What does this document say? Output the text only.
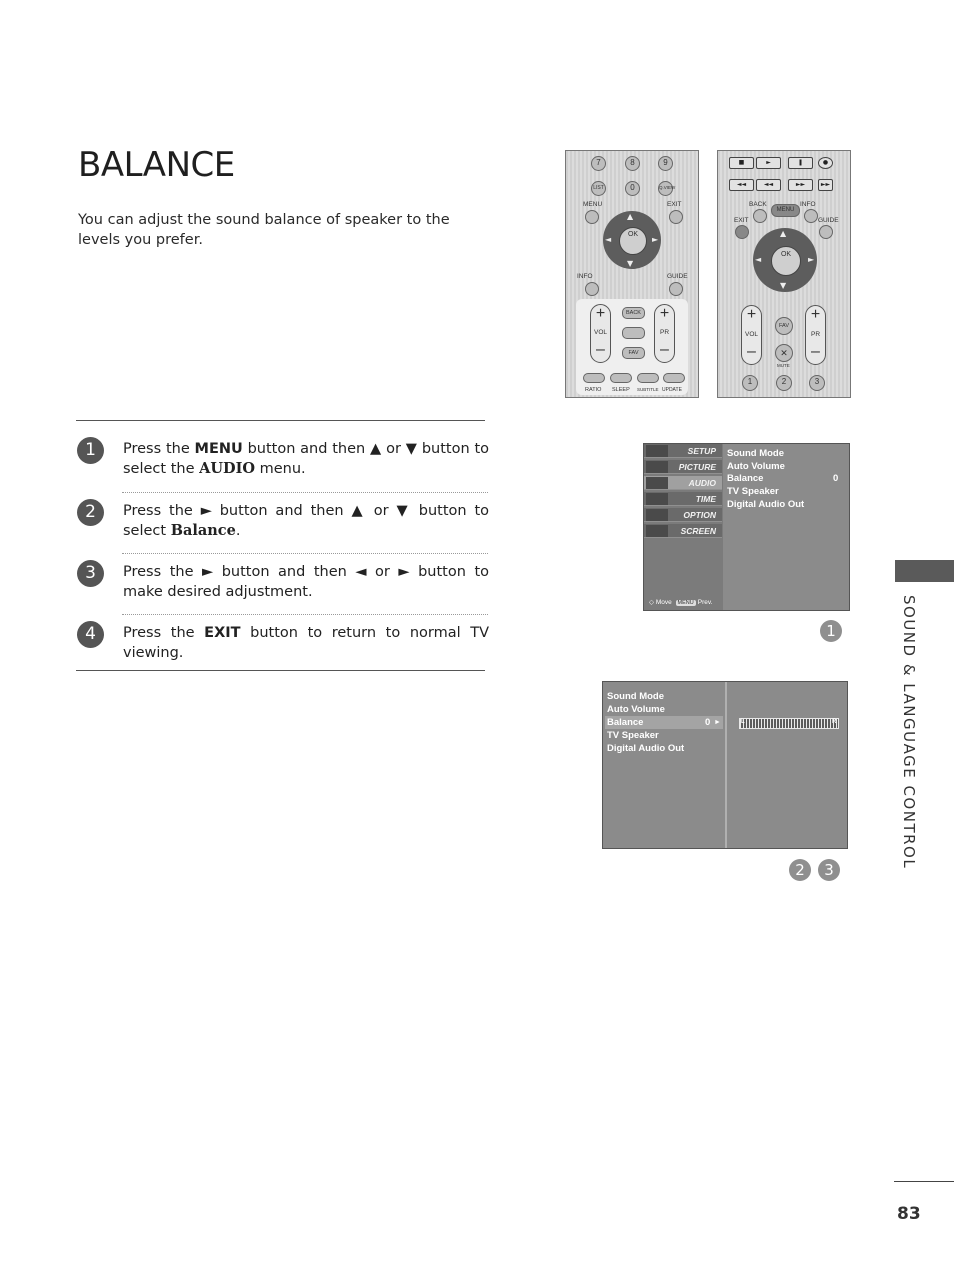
BALANCE
You can adjust the sound balance of speaker to the levels you prefer.
1	Press the MENU button and then ▲ or ▼ button to select the AUDIO menu.
2	Press the ► button and then ▲ or ▼ button to select Balance.
3	Press the ► button and then ◄ or ► button to make desired adjustment.
4	Press the EXIT button to return to normal TV viewing.
7	8	9
LIST	0	Q.VIEW
MENU	EXIT
▲
▼
◄	►
OK
INFO	GUIDE
+
VOL
–
+
PR
–
BACK
FAV
RATIO SLEEP SUBTITLE UPDATE
■	►	❚	●
◄◄	◄◄	►►	►►
BACK	INFO
MENU
EXIT	GUIDE
▲
▼
◄	►
OK
+
VOL
–
+
PR
–
FAV
✕
MUTE
1	2	3
SETUP
PICTURE
AUDIO
TIME
OPTION
SCREEN
Sound Mode
Auto Volume
Balance	0
TV Speaker
Digital Audio Out
◇ Move MENU Prev.
1
Sound Mode
Auto Volume
Balance	0 ►
TV Speaker
Digital Audio Out
L	R
2	3
SOUND & LANGUAGE CONTROL
83
